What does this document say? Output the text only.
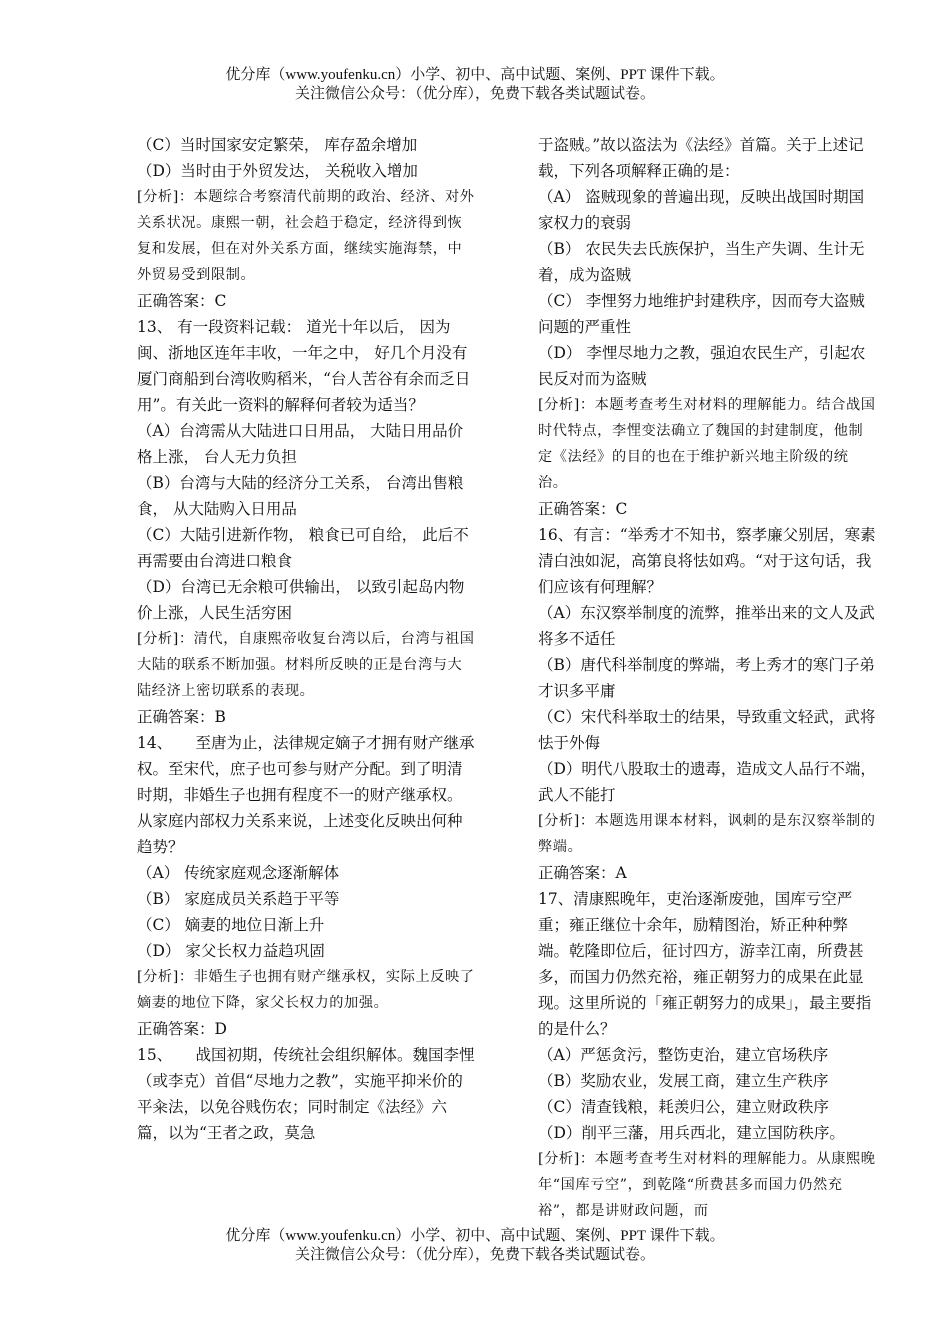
优分库（www.youfenku.cn）小学、初中、高中试题、案例、PPT 课件下载。
关注微信公众号：（优分库），免费下载各类试题试卷。

（C）当时国家安定繁荣， 库存盈余增加

（D）当时由于外贸发达， 关税收入增加

[分析]：本题综合考察清代前期的政治、经济、对外关系状况。康熙一朝，社会趋于稳定，经济得到恢复和发展，但在对外关系方面，继续实施海禁，中外贸易受到限制。

正确答案：C

13、 有一段资料记载： 道光十年以后， 因为闽、浙地区连年丰收，一年之中， 好几个月没有厦门商船到台湾收购稻米，“台人苦谷有余而乏日用”。有关此一资料的解释何者较为适当？

（A）台湾需从大陆进口日用品， 大陆日用品价格上涨， 台人无力负担

（B）台湾与大陆的经济分工关系， 台湾出售粮食， 从大陆购入日用品

（C）大陆引进新作物， 粮食已可自给， 此后不再需要由台湾进口粮食

（D）台湾已无余粮可供输出， 以致引起岛内物价上涨，人民生活穷困

[分析]：清代，自康熙帝收复台湾以后，台湾与祖国大陆的联系不断加强。材料所反映的正是台湾与大陆经济上密切联系的表现。

正确答案：B

14、　　至唐为止，法律规定嫡子才拥有财产继承权。至宋代，庶子也可参与财产分配。到了明清时期，非婚生子也拥有程度不一的财产继承权。从家庭内部权力关系来说，上述变化反映出何种趋势？

（A） 传统家庭观念逐渐解体

（B） 家庭成员关系趋于平等

（C） 嫡妻的地位日渐上升

（D） 家父长权力益趋巩固

[分析]：非婚生子也拥有财产继承权，实际上反映了嫡妻的地位下降，家父长权力的加强。

正确答案：D

15、　　战国初期，传统社会组织解体。魏国李悝（或李克）首倡“尽地力之教”，实施平抑米价的平籴法，以免谷贱伤农；同时制定《法经》六篇，以为“王者之政，莫急

于盗贼。”故以盗法为《法经》首篇。关于上述记载，下列各项解释正确的是：

（A） 盗贼现象的普遍出现，反映出战国时期国家权力的衰弱

（B） 农民失去氏族保护，当生产失调、生计无着，成为盗贼

（C） 李悝努力地维护封建秩序，因而夸大盗贼问题的严重性

（D） 李悝尽地力之教，强迫农民生产，引起农民反对而为盗贼

[分析]：本题考查考生对材料的理解能力。结合战国时代特点，李悝变法确立了魏国的封建制度，他制定《法经》的目的也在于维护新兴地主阶级的统治。

正确答案：C

16、有言：“举秀才不知书，察孝廉父别居，寒素清白浊如泥，高第良将怯如鸡。“对于这句话，我们应该有何理解？

（A）东汉察举制度的流弊，推举出来的文人及武将多不适任

（B）唐代科举制度的弊端，考上秀才的寒门子弟才识多平庸

（C）宋代科举取士的结果，导致重文轻武，武将怯于外侮

（D）明代八股取士的遗毒，造成文人品行不端，武人不能打

[分析]：本题选用课本材料，讽刺的是东汉察举制的弊端。

正确答案：A

17、清康熙晚年，吏治逐渐废弛，国库亏空严重；雍正继位十余年，励精图治，矫正种种弊端。乾隆即位后，征讨四方，游幸江南，所费甚多，而国力仍然充裕，雍正朝努力的成果在此显现。这里所说的「雍正朝努力的成果」，最主要指的是什么？

（A）严惩贪污，整饬吏治，建立官场秩序

（B）奖励农业，发展工商，建立生产秩序

（C）清查钱粮，耗羡归公，建立财政秩序

（D）削平三藩，用兵西北，建立国防秩序。

[分析]：本题考查考生对材料的理解能力。从康熙晚年“国库亏空”，到乾隆“所费甚多而国力仍然充裕”，都是讲财政问题，而

优分库（www.youfenku.cn）小学、初中、高中试题、案例、PPT 课件下载。
关注微信公众号：（优分库），免费下载各类试题试卷。
